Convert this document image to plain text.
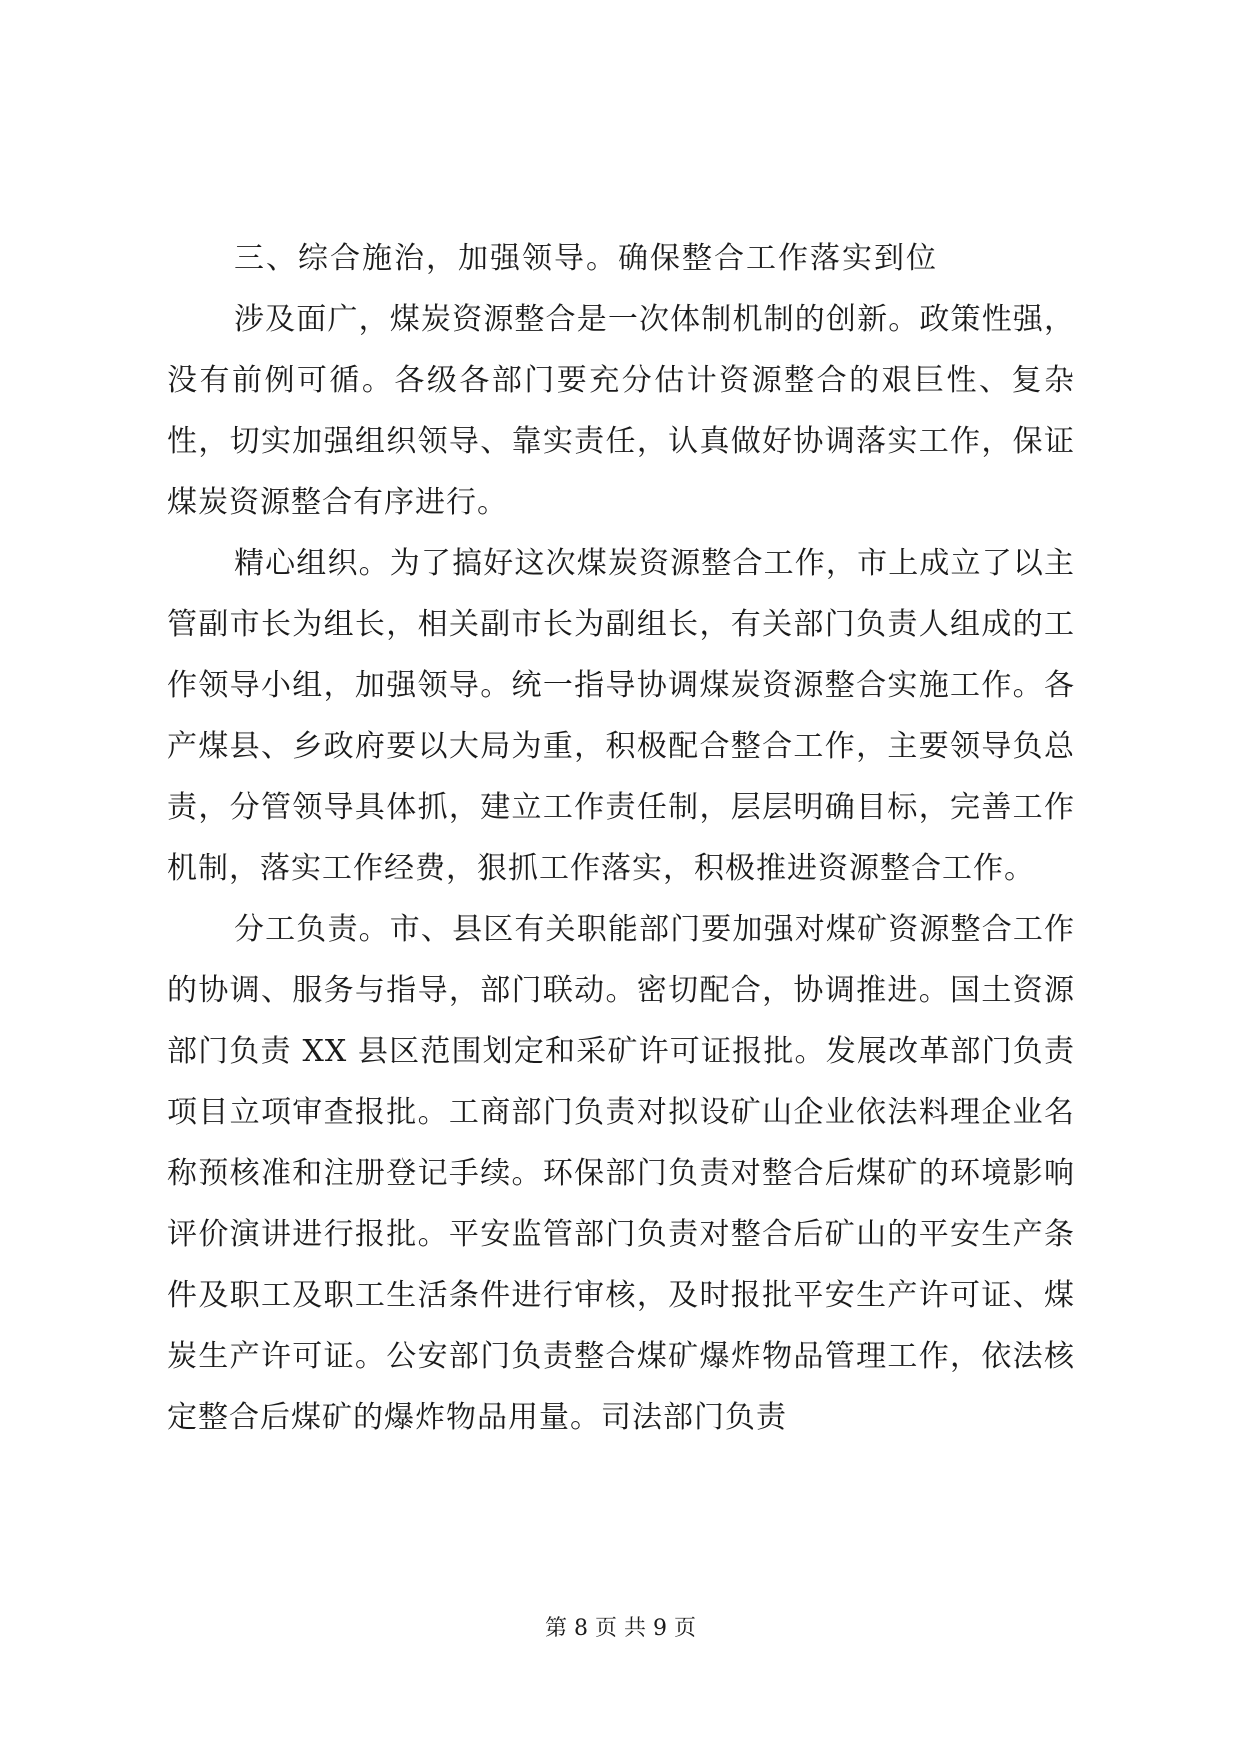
三、综合施治，加强领导。确保整合工作落实到位

涉及面广，煤炭资源整合是一次体制机制的创新。政策性强，没有前例可循。各级各部门要充分估计资源整合的艰巨性、复杂性，切实加强组织领导、靠实责任，认真做好协调落实工作，保证煤炭资源整合有序进行。

精心组织。为了搞好这次煤炭资源整合工作，市上成立了以主管副市长为组长，相关副市长为副组长，有关部门负责人组成的工作领导小组，加强领导。统一指导协调煤炭资源整合实施工作。各产煤县、乡政府要以大局为重，积极配合整合工作，主要领导负总责，分管领导具体抓，建立工作责任制，层层明确目标，完善工作机制，落实工作经费，狠抓工作落实，积极推进资源整合工作。

分工负责。市、县区有关职能部门要加强对煤矿资源整合工作的协调、服务与指导，部门联动。密切配合，协调推进。国土资源部门负责 XX 县区范围划定和采矿许可证报批。发展改革部门负责项目立项审查报批。工商部门负责对拟设矿山企业依法料理企业名称预核准和注册登记手续。环保部门负责对整合后煤矿的环境影响评价演讲进行报批。平安监管部门负责对整合后矿山的平安生产条件及职工及职工生活条件进行审核，及时报批平安生产许可证、煤炭生产许可证。公安部门负责整合煤矿爆炸物品管理工作，依法核定整合后煤矿的爆炸物品用量。司法部门负责

第 8 页 共 9 页
